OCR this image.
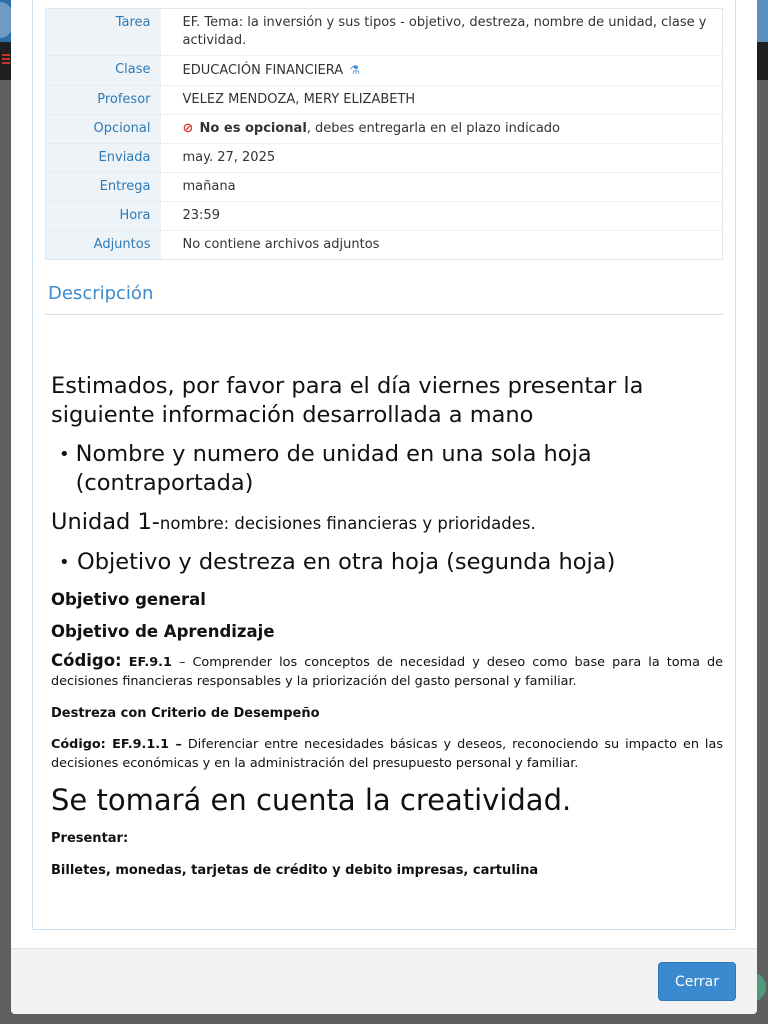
Tarea	EF. Tema: la inversión y sus tipos - objetivo, destreza, nombre de unidad, clase y actividad.
Clase	EDUCACIÓN FINANCIERA ⚗
Profesor	VELEZ MENDOZA, MERY ELIZABETH
Opcional	⊘ No es opcional, debes entregarla en el plazo indicado
Enviada	may. 27, 2025
Entrega	mañana
Hora	23:59
Adjuntos	No contiene archivos adjuntos
Descripción
Estimados, por favor para el día viernes presentar la siguiente información desarrollada a mano
• Nombre y numero de unidad en una sola hoja (contraportada)
Unidad 1-nombre: decisiones financieras y prioridades.
• Objetivo y destreza en otra hoja (segunda hoja)
Objetivo general
Objetivo de Aprendizaje
Código: EF.9.1 – Comprender los conceptos de necesidad y deseo como base para la toma de decisiones financieras responsables y la priorización del gasto personal y familiar.
Destreza con Criterio de Desempeño
Código: EF.9.1.1 – Diferenciar entre necesidades básicas y deseos, reconociendo su impacto en las decisiones económicas y en la administración del presupuesto personal y familiar.
Se tomará en cuenta la creatividad.
Presentar:
Billetes, monedas, tarjetas de crédito y debito impresas, cartulina
Cerrar
